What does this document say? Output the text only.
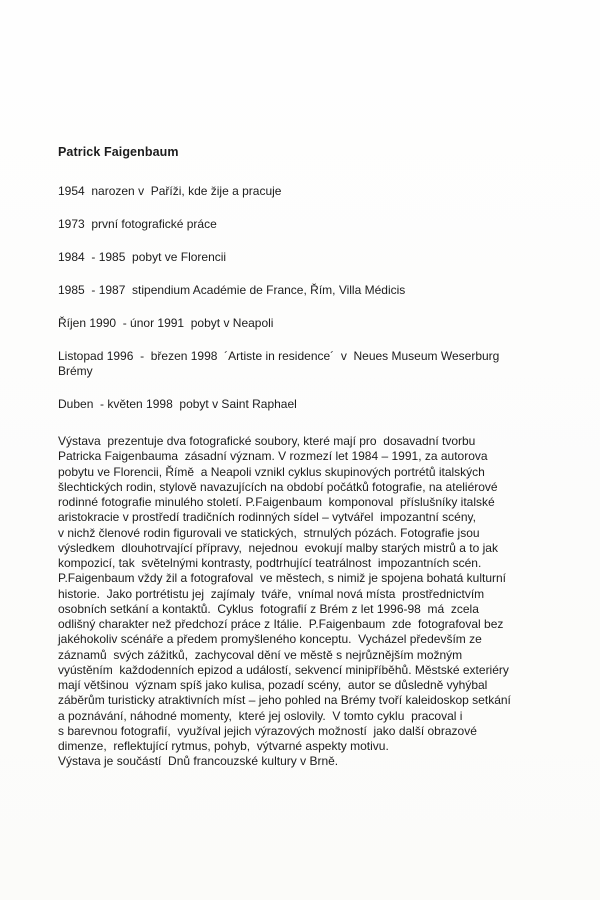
Patrick Faigenbaum
1954  narozen v  Paříži, kde žije a pracuje
1973  první fotografické práce
1984  - 1985  pobyt ve Florencii
1985  - 1987  stipendium Académie de France, Řím, Villa Médicis
Říjen 1990  - únor 1991  pobyt v Neapoli
Listopad 1996  -  březen 1998  ´Artiste in residence´  v  Neues Museum Weserburg
Brémy
Duben  - květen 1998  pobyt v Saint Raphael
Výstava  prezentuje dva fotografické soubory, které mají pro  dosavadní tvorbu
Patricka Faigenbauma  zásadní význam. V rozmezí let 1984 – 1991, za autorova
pobytu ve Florencii, Římě  a Neapoli vznikl cyklus skupinových portrétů italských
šlechtických rodin, stylově navazujících na období počátků fotografie, na ateliérové
rodinné fotografie minulého století. P.Faigenbaum  komponoval  příslušníky italské
aristokracie v prostředí tradičních rodinných sídel – vytvářel  impozantní scény,
v nichž členové rodin figurovali ve statických,  strnulých pózách. Fotografie jsou
výsledkem  dlouhotrvající přípravy,  nejednou  evokují malby starých mistrů a to jak
kompozicí, tak  světelnými kontrasty, podtrhující teatrálnost  impozantních scén.
P.Faigenbaum vždy žil a fotografoval  ve městech, s nimiž je spojena bohatá kulturní
historie.  Jako portrétistu jej  zajímaly  tváře,  vnímal nová místa  prostřednictvím
osobních setkání a kontaktů.  Cyklus  fotografií z Brém z let 1996-98  má  zcela
odlišný charakter než předchozí práce z Itálie.  P.Faigenbaum  zde  fotografoval bez
jakéhokoliv scénáře a předem promyšleného konceptu.  Vycházel především ze
záznamů  svých zážitků,  zachycoval dění ve městě s nejrůznějším možným
vyústěním  každodenních epizod a událostí, sekvencí minipříběhů. Městské exteriéry
mají většinou  význam spíš jako kulisa, pozadí scény,  autor se důsledně vyhýbal
záběrům turisticky atraktivních míst – jeho pohled na Brémy tvoří kaleidoskop setkání
a poznávání, náhodné momenty,  které jej oslovily.  V tomto cyklu  pracoval i
s barevnou fotografií,  využíval jejich výrazových možností  jako další obrazové
dimenze,  reflektující rytmus, pohyb,  výtvarné aspekty motivu.
Výstava je součástí  Dnů francouzské kultury v Brně.
